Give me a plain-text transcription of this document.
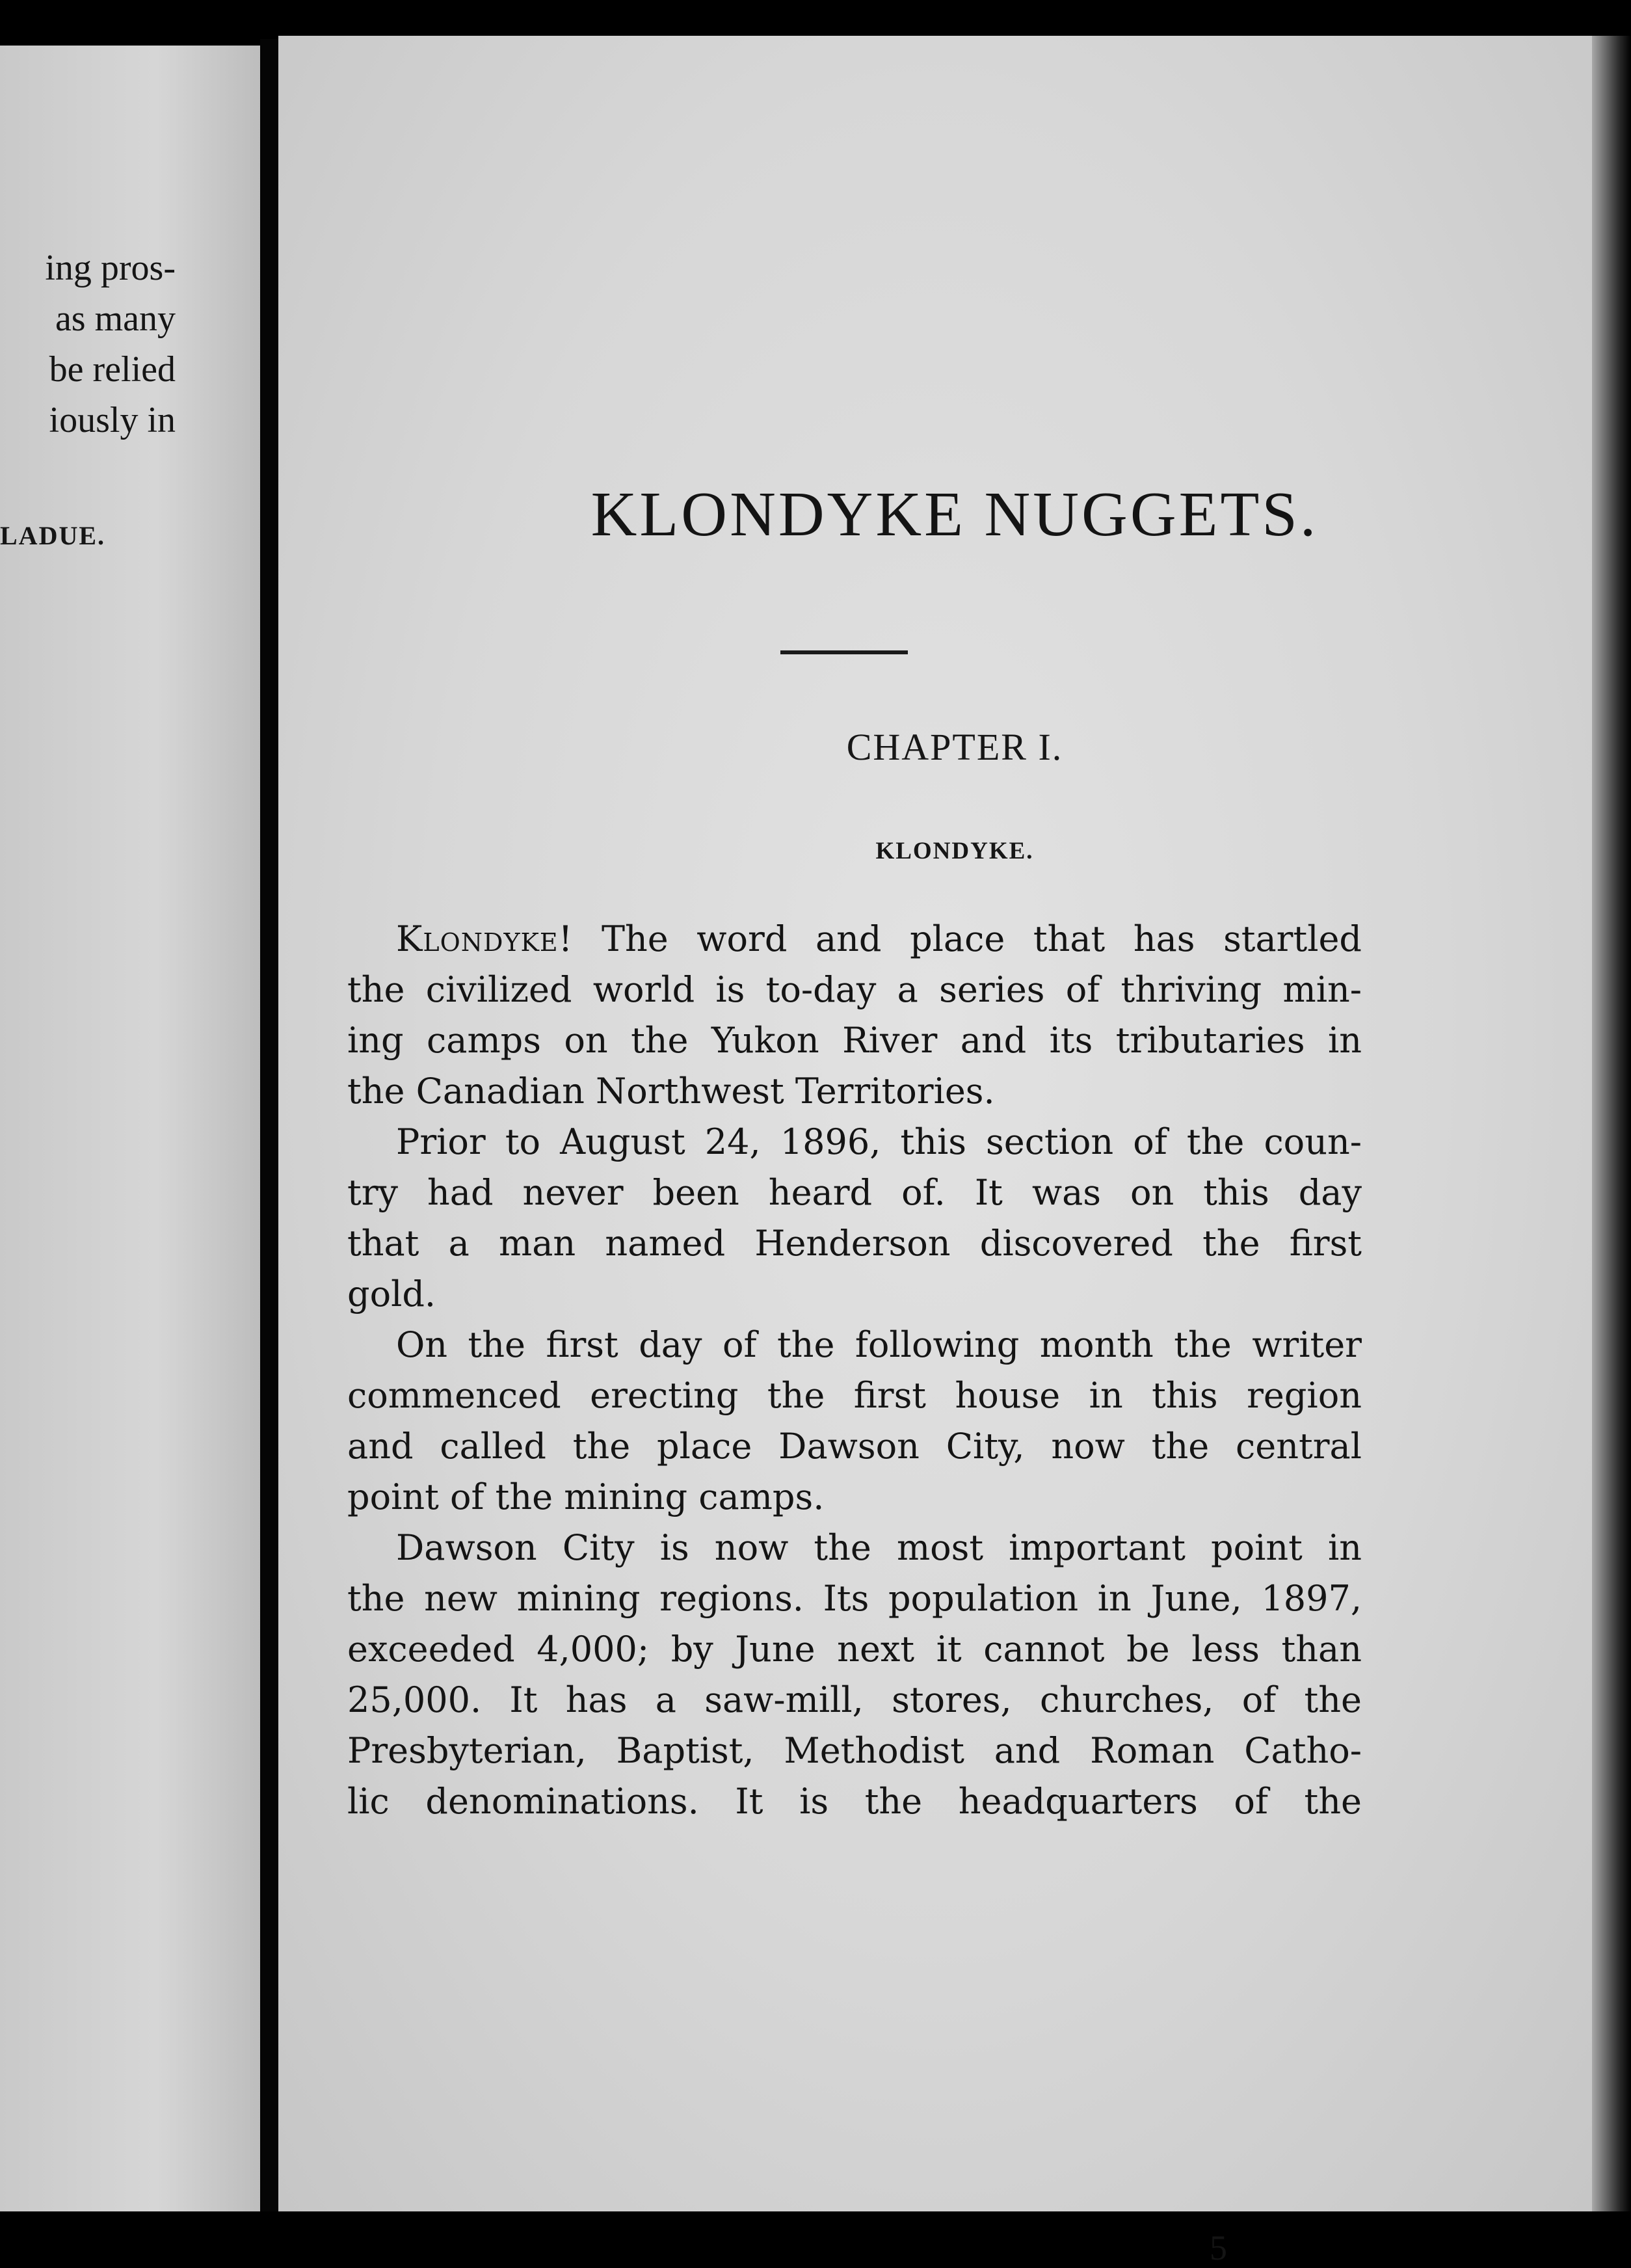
ing pros-
as many
be relied
iously in
LADUE.	KLONDYKE NUGGETS.
CHAPTER I.
KLONDYKE.
Klondyke! The word and place that has startled
the civilized world is to-day a series of thriving min-
ing camps on the Yukon River and its tributaries in
the Canadian Northwest Territories.
Prior to August 24, 1896, this section of the coun-
try had never been heard of. It was on this day
that a man named Henderson discovered the first
gold.
On the first day of the following month the writer
commenced erecting the first house in this region
and called the place Dawson City, now the central
point of the mining camps.
Dawson City is now the most important point in
the new mining regions. Its population in June, 1897,
exceeded 4,000; by June next it cannot be less than
25,000. It has a saw-mill, stores, churches, of the
Presbyterian, Baptist, Methodist and Roman Catho-
lic denominations. It is the headquarters of the
5
